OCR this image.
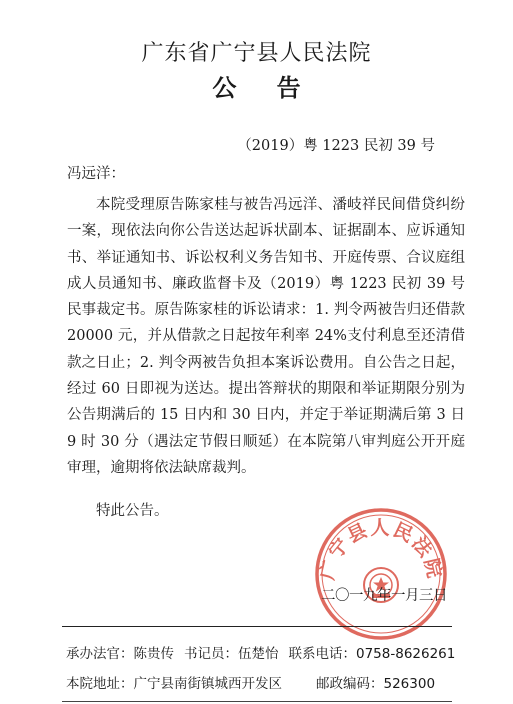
广东省广宁县人民法院
公 告
（2019）粤 1223 民初 39 号
冯远洋：

本院受理原告陈家桂与被告冯远洋、潘岐祥民间借贷纠纷一案，现依法向你公告送达起诉状副本、证据副本、应诉通知书、举证通知书、诉讼权利义务告知书、开庭传票、合议庭组成人员通知书、廉政监督卡及（2019）粤 1223 民初 39 号民事裁定书。原告陈家桂的诉讼请求：1. 判令两被告归还借款 20000 元，并从借款之日起按年利率 24%支付利息至还清借款之日止；2. 判令两被告负担本案诉讼费用。自公告之日起，经过 60 日即视为送达。提出答辩状的期限和举证期限分别为公告期满后的 15 日内和 30 日内，并定于举证期满后第 3 日 9 时 30 分（遇法定节假日顺延）在本院第八审判庭公开开庭审理，逾期将依法缺席裁判。

特此公告。
广宁县人民法院
二〇一九年一月三日
承办法官：陈贵传 书记员：伍楚怡 联系电话：0758-8626261
本院地址：广宁县南街镇城西开发区	邮政编码：526300
